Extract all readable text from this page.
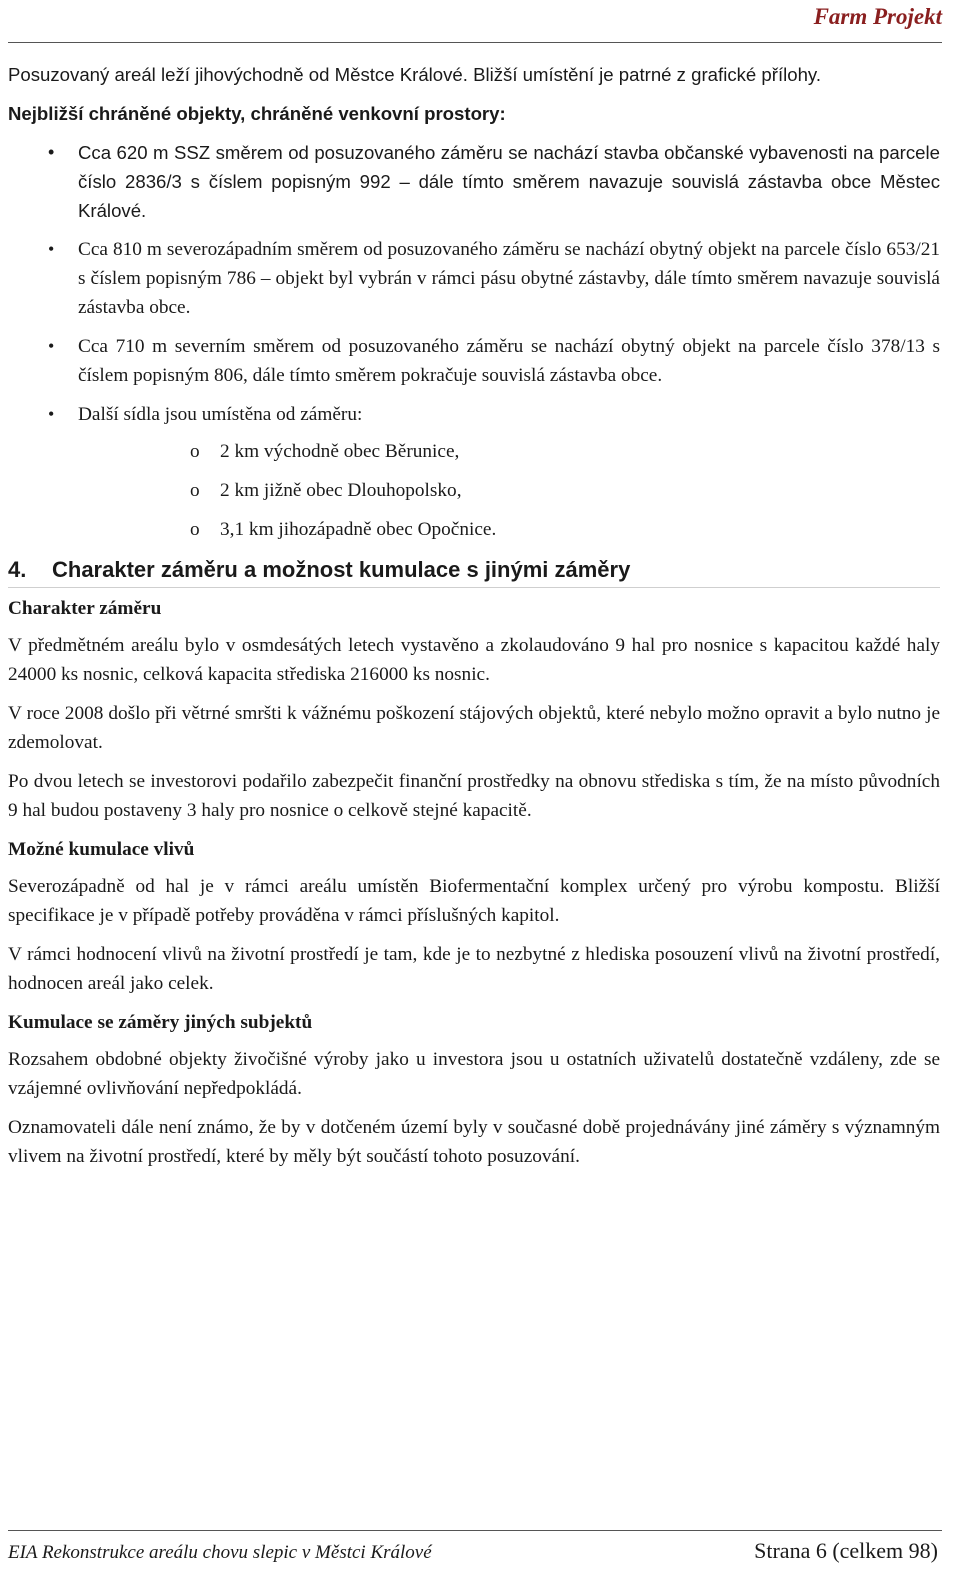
Farm Projekt

Posuzovaný areál leží jihovýchodně od Městce Králové. Bližší umístění je patrné z grafické přílohy.

Nejbližší chráněné objekty, chráněné venkovní prostory:

• Cca 620 m SSZ směrem od posuzovaného záměru se nachází stavba občanské vybavenosti na parcele číslo 2836/3 s číslem popisným 992 – dále tímto směrem navazuje souvislá zástavba obce Městec Králové.
• Cca 810 m severozápadním směrem od posuzovaného záměru se nachází obytný objekt na parcele číslo 653/21 s číslem popisným 786 – objekt byl vybrán v rámci pásu obytné zástavby, dále tímto směrem navazuje souvislá zástavba obce.
• Cca 710 m severním směrem od posuzovaného záměru se nachází obytný objekt na parcele číslo 378/13 s číslem popisným 806, dále tímto směrem pokračuje souvislá zástavba obce.
• Další sídla jsou umístěna od záměru:
o 2 km východně obec Běrunice,
o 2 km jižně obec Dlouhopolsko,
o 3,1 km jihozápadně obec Opočnice.
4. Charakter záměru a možnost kumulace s jinými záměry
Charakter záměru

V předmětném areálu bylo v osmdesátých letech vystavěno a zkolaudováno 9 hal pro nosnice s kapacitou každé haly 24000 ks nosnic, celková kapacita střediska 216000 ks nosnic.

V roce 2008 došlo při větrné smršti k vážnému poškození stájových objektů, které nebylo možno opravit a bylo nutno je zdemolovat.

Po dvou letech se investorovi podařilo zabezpečit finanční prostředky na obnovu střediska s tím, že na místo původních 9 hal budou postaveny 3 haly pro nosnice o celkově stejné kapacitě.

Možné kumulace vlivů

Severozápadně od hal je v rámci areálu umístěn Biofermentační komplex určený pro výrobu kompostu. Bližší specifikace je v případě potřeby prováděna v rámci příslušných kapitol.

V rámci hodnocení vlivů na životní prostředí je tam, kde je to nezbytné z hlediska posouzení vlivů na životní prostředí, hodnocen areál jako celek.

Kumulace se záměry jiných subjektů

Rozsahem obdobné objekty živočišné výroby jako u investora jsou u ostatních uživatelů dostatečně vzdáleny, zde se vzájemné ovlivňování nepředpokládá.

Oznamovateli dále není známo, že by v dotčeném území byly v současné době projednávány jiné záměry s významným vlivem na životní prostředí, které by měly být součástí tohoto posuzování.

EIA Rekonstrukce areálu chovu slepic v Městci Králové	Strana 6 (celkem 98)
